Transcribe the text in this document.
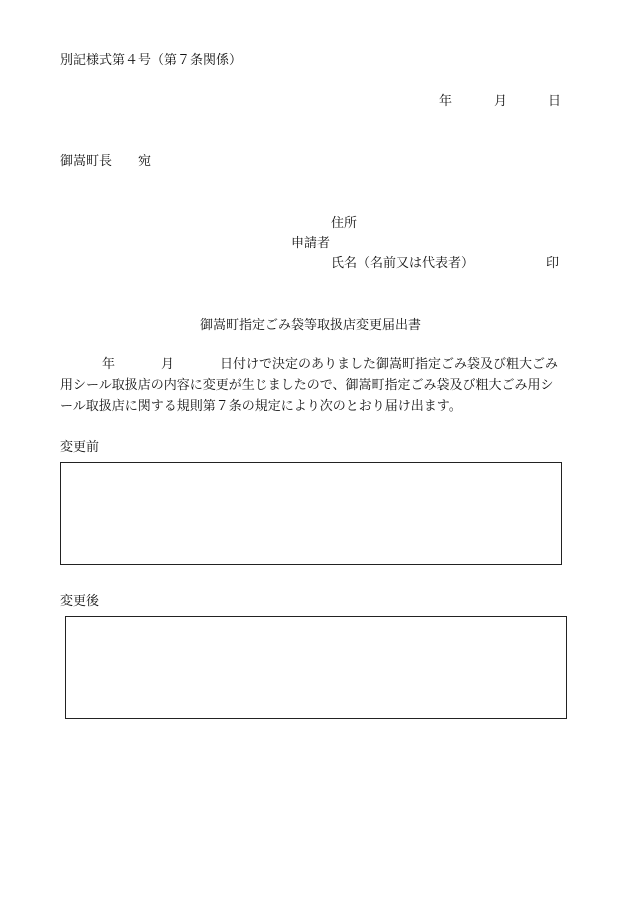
別記様式第４号（第７条関係）
年	月	日
御嵩町長　　宛
住所
申請者
氏名（名前又は代表者）	印
御嵩町指定ごみ袋等取扱店変更届出書
年	月	日付けで決定のありました御嵩町指定ごみ袋及び粗大ごみ
用シール取扱店の内容に変更が生じましたので、御嵩町指定ごみ袋及び粗大ごみ用シ
ール取扱店に関する規則第７条の規定により次のとおり届け出ます。
変更前
変更後
